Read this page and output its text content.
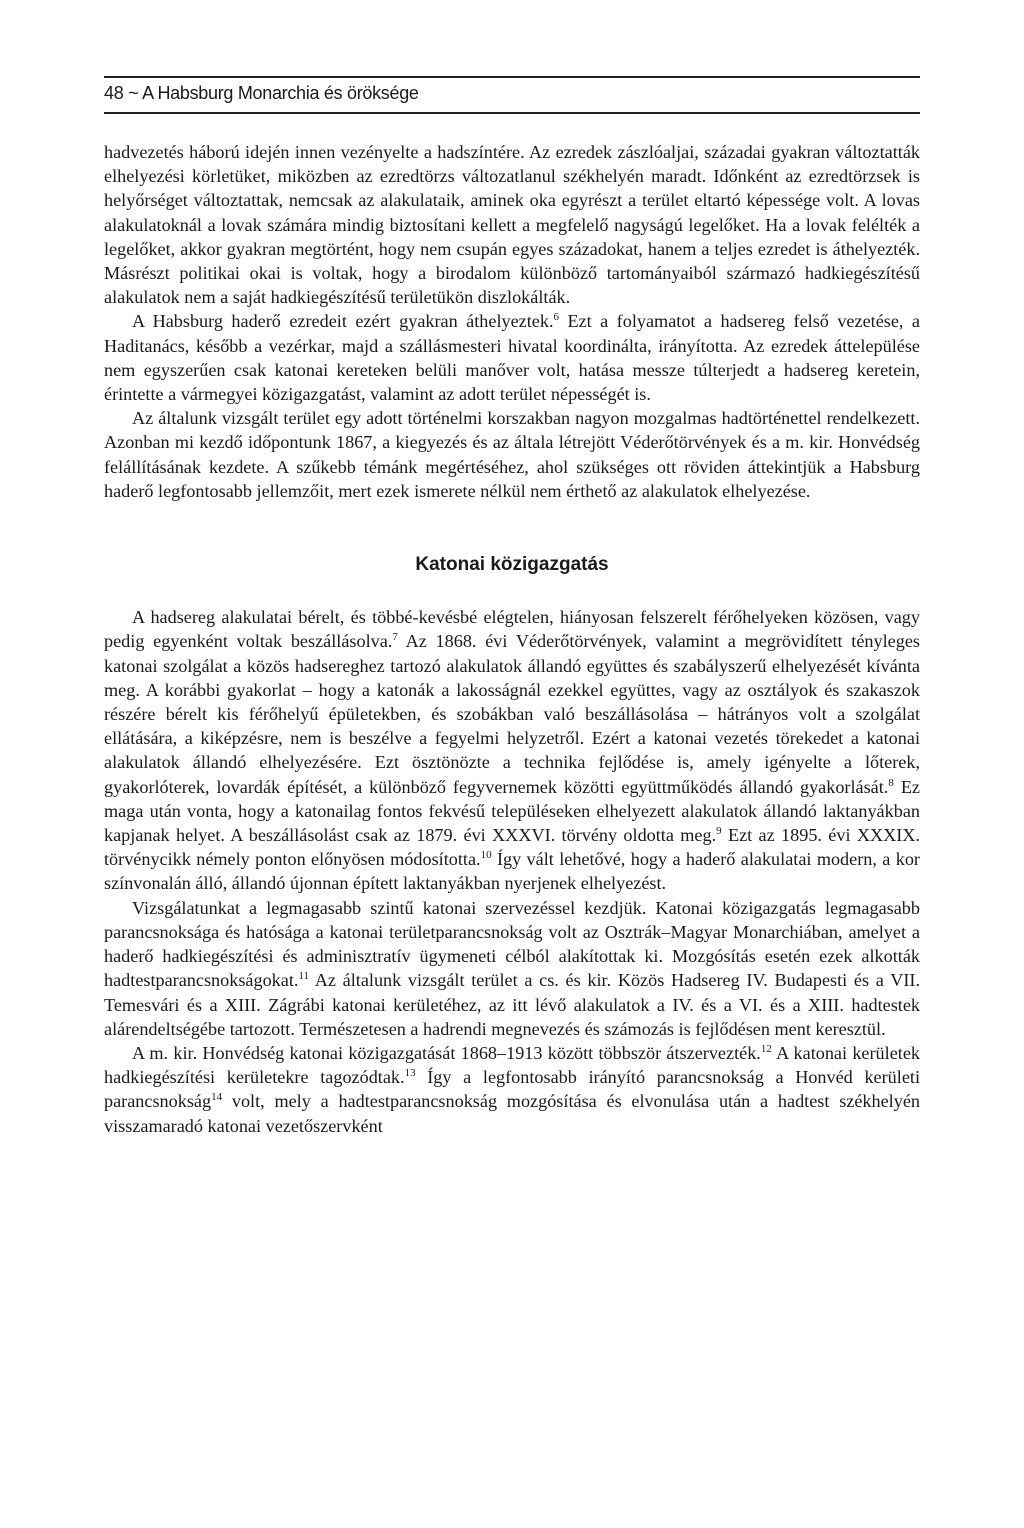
48 ~ A Habsburg Monarchia és öröksége

hadvezetés háború idején innen vezényelte a hadszíntére. Az ezredek zászlóaljai, századai gyakran változtatták elhelyezési körletüket, miközben az ezredtörzs változatlanul székhelyén maradt. Időnként az ezredtörzsek is helyőrséget változtattak, nemcsak az alakulataik, aminek oka egyrészt a terület eltartó képessége volt. A lovas alakulatoknál a lovak számára mindig biztosítani kellett a megfelelő nagyságú legelőket. Ha a lovak felélték a legelőket, akkor gyakran megtörtént, hogy nem csupán egyes századokat, hanem a teljes ezredet is áthelyezték. Másrészt politikai okai is voltak, hogy a birodalom különböző tartományaiból származó hadkiegészítésű alakulatok nem a saját hadkiegészítésű területükön diszlokálták.

A Habsburg haderő ezredeit ezért gyakran áthelyeztek.$^6$ Ezt a folyamatot a hadsereg felső vezetése, a Haditanács, később a vezérkar, majd a szállásmesteri hivatal koordinálta, irányította. Az ezredek áttelepülése nem egyszerűen csak katonai kereteken belüli manőver volt, hatása messze túlterjedt a hadsereg keretein, érintette a vármegyei közigazgatást, valamint az adott terület népességét is.

Az általunk vizsgált terület egy adott történelmi korszakban nagyon mozgalmas hadtörténettel rendelkezett. Azonban mi kezdő időpontunk 1867, a kiegyezés és az általa létrejött Véderőtörvények és a m. kir. Honvédség felállításának kezdete. A szűkebb témánk megértéséhez, ahol szükséges ott röviden áttekintjük a Habsburg haderő legfontosabb jellemzőit, mert ezek ismerete nélkül nem érthető az alakulatok elhelyezése.

Katonai közigazgatás

A hadsereg alakulatai bérelt, és többé-kevésbé elégtelen, hiányosan felszerelt férőhelyeken közösen, vagy pedig egyenként voltak beszállásolva.$^7$ Az 1868. évi Véderőtörvények, valamint a megrövidített tényleges katonai szolgálat a közös hadsereghez tartozó alakulatok állandó együttes és szabályszerű elhelyezését kívánta meg. A korábbi gyakorlat – hogy a katonák a lakosságnál ezekkel együttes, vagy az osztályok és szakaszok részére bérelt kis férőhelyű épületekben, és szobákban való beszállásolása – hátrányos volt a szolgálat ellátására, a kiképzésre, nem is beszélve a fegyelmi helyzetről. Ezért a katonai vezetés törekedet a katonai alakulatok állandó elhelyezésére. Ezt ösztönözte a technika fejlődése is, amely igényelte a lőterek, gyakorlóterek, lovardák építését, a különböző fegyvernemek közötti együttműködés állandó gyakorlását.$^8$ Ez maga után vonta, hogy a katonailag fontos fekvésű településeken elhelyezett alakulatok állandó laktanyákban kapjanak helyet. A beszállásolást csak az 1879. évi XXXVI. törvény oldotta meg.$^9$ Ezt az 1895. évi XXXIX. törvénycikk némely ponton előnyösen módosította.$^{10}$ Így vált lehetővé, hogy a haderő alakulatai modern, a kor színvonalán álló, állandó újonnan épített laktanyákban nyerjenek elhelyezést.

Vizsgálatunkat a legmagasabb szintű katonai szervezéssel kezdjük. Katonai közigazgatás legmagasabb parancsnoksága és hatósága a katonai területparancsnokság volt az Osztrák–Magyar Monarchiában, amelyet a haderő hadkiegészítési és adminisztratív ügymeneti célból alakítottak ki. Mozgósítás esetén ezek alkották hadtestparancsnokságokat.$^{11}$ Az általunk vizsgált terület a cs. és kir. Közös Hadsereg IV. Budapesti és a VII. Temesvári és a XIII. Zágrábi katonai kerületéhez, az itt lévő alakulatok a IV. és a VI. és a XIII. hadtestek alárendeltségébe tartozott. Természetesen a hadrendi megnevezés és számozás is fejlődésen ment keresztül.

A m. kir. Honvédség katonai közigazgatását 1868–1913 között többször átszervezték.$^{12}$ A katonai kerületek hadkiegészítési kerületekre tagozódtak.$^{13}$ Így a legfontosabb irányító parancsnokság a Honvéd kerületi parancsnokság$^{14}$ volt, mely a hadtestparancsnokság mozgósítása és elvonulása után a hadtest székhelyén visszamaradó katonai vezetőszervként
